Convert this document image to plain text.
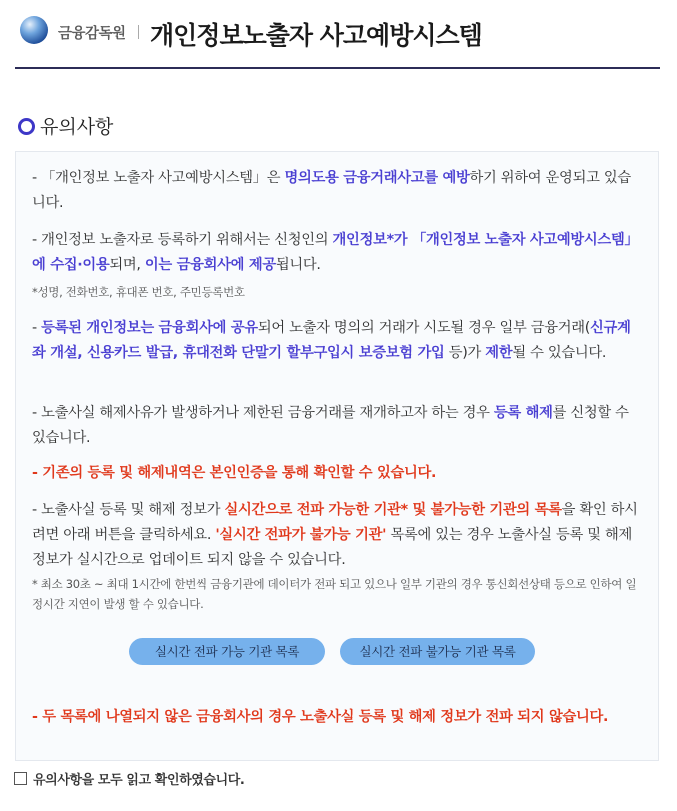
금융감독원 개인정보노출자 사고예방시스템
유의사항
- 「개인정보 노출자 사고예방시스템」은 명의도용 금융거래사고를 예방하기 위하여 운영되고 있습니다.
- 개인정보 노출자로 등록하기 위해서는 신청인의 개인정보*가 「개인정보 노출자 사고예방시스템」에 수집·이용되며, 이는 금융회사에 제공됩니다.
*성명, 전화번호, 휴대폰 번호, 주민등록번호
- 등록된 개인정보는 금융회사에 공유되어 노출자 명의의 거래가 시도될 경우 일부 금융거래(신규계좌 개설, 신용카드 발급, 휴대전화 단말기 할부구입시 보증보험 가입 등)가 제한될 수 있습니다.
- 노출사실 해제사유가 발생하거나 제한된 금융거래를 재개하고자 하는 경우 등록 해제를 신청할 수 있습니다.
- 기존의 등록 및 해제내역은 본인인증을 통해 확인할 수 있습니다.
- 노출사실 등록 및 해제 정보가 실시간으로 전파 가능한 기관* 및 불가능한 기관의 목록을 확인 하시려면 아래 버튼을 클릭하세요. '실시간 전파가 불가능 기관' 목록에 있는 경우 노출사실 등록 및 해제 정보가 실시간으로 업데이트 되지 않을 수 있습니다.
* 최소 30초 ~ 최대 1시간에 한번씩 금융기관에 데이터가 전파 되고 있으나 일부 기관의 경우 통신회선상태 등으로 인하여 일정시간 지연이 발생 할 수 있습니다.
실시간 전파 가능 기관 목록	실시간 전파 불가능 기관 목록
- 두 목록에 나열되지 않은 금융회사의 경우 노출사실 등록 및 해제 정보가 전파 되지 않습니다.
유의사항을 모두 읽고 확인하였습니다.
